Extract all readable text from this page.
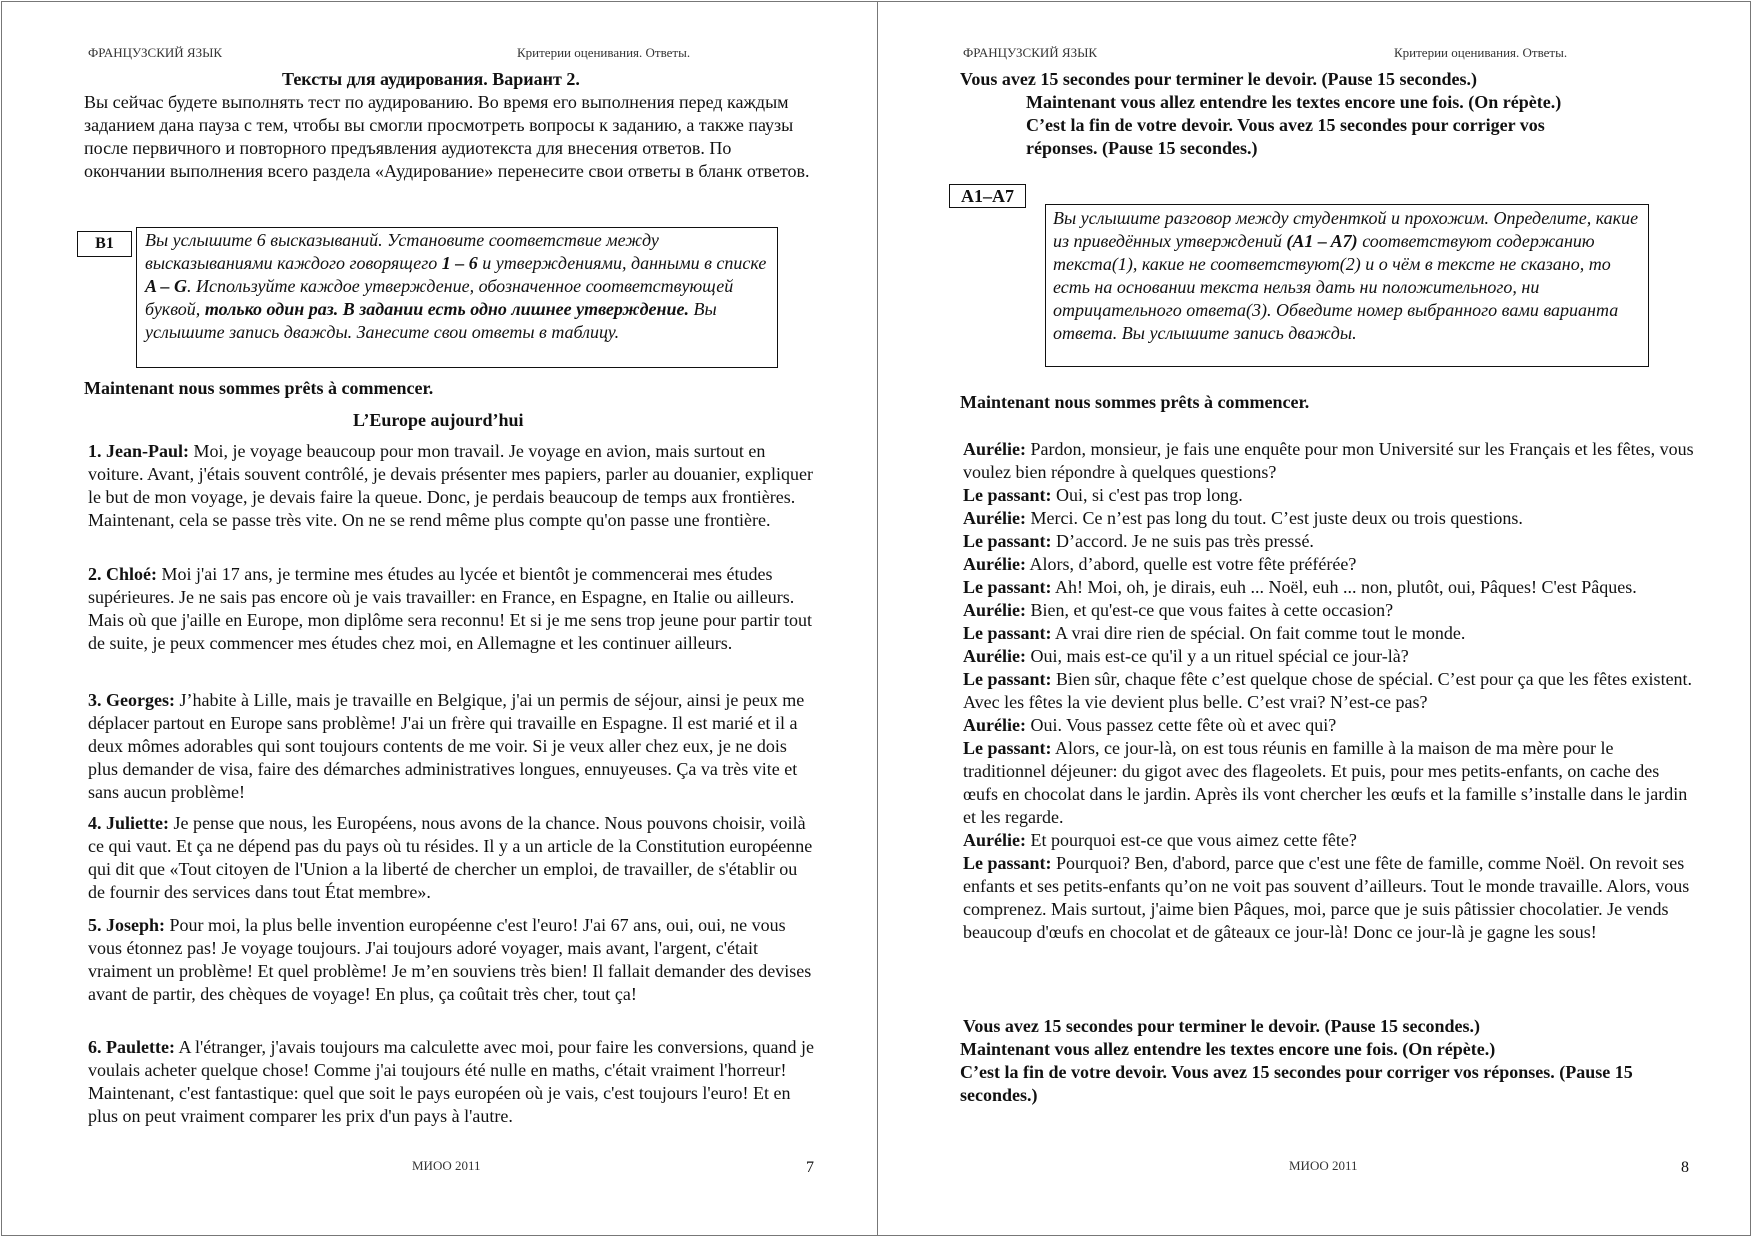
ФРАНЦУЗСКИЙ ЯЗЫК	Критерии оценивания. Ответы.
Тексты для аудирования. Вариант 2.
Вы сейчас будете выполнять тест по аудированию. Во время его выполнения перед каждым заданием дана пауза с тем, чтобы вы смогли просмотреть вопросы к заданию, а также паузы после первичного и повторного предъявления аудиотекста для внесения ответов. По окончании выполнения всего раздела «Аудирование» перенесите свои ответы в бланк ответов.
B1	Вы услышите 6 высказываний. Установите соответствие между высказываниями каждого говорящего 1 – 6 и утверждениями, данными в списке A – G. Используйте каждое утверждение, обозначенное соответствующей буквой, только один раз. В задании есть одно лишнее утверждение. Вы услышите запись дважды. Занесите свои ответы в таблицу.
Maintenant nous sommes prêts à commencer.
L’Europe aujourd’hui
1. Jean-Paul: Moi, je voyage beaucoup pour mon travail. Je voyage en avion, mais surtout en voiture. Avant, j'étais souvent contrôlé, je devais présenter mes papiers, parler au douanier, expliquer le but de mon voyage, je devais faire la queue. Donc, je perdais beaucoup de temps aux frontières. Maintenant, cela se passe très vite. On ne se rend même plus compte qu'on passe une frontière.
2. Chloé: Moi j'ai 17 ans, je termine mes études au lycée et bientôt je commencerai mes études supérieures. Je ne sais pas encore où je vais travailler: en France, en Espagne, en Italie ou ailleurs. Mais où que j'aille en Europe, mon diplôme sera reconnu! Et si je me sens trop jeune pour partir tout de suite, je peux commencer mes études chez moi, en Allemagne et les continuer ailleurs.
3. Georges: J’habite à Lille, mais je travaille en Belgique, j'ai un permis de séjour, ainsi je peux me déplacer partout en Europe sans problème! J'ai un frère qui travaille en Espagne. Il est marié et il a deux mômes adorables qui sont toujours contents de me voir. Si je veux aller chez eux, je ne dois plus demander de visa, faire des démarches administratives longues, ennuyeuses. Ça va très vite et sans aucun problème!
4. Juliette: Je pense que nous, les Européens, nous avons de la chance. Nous pouvons choisir, voilà ce qui vaut. Et ça ne dépend pas du pays où tu résides. Il y a un article de la Constitution européenne qui dit que «Tout citoyen de l'Union a la liberté de chercher un emploi, de travailler, de s'établir ou de fournir des services dans tout État membre».
5. Joseph: Pour moi, la plus belle invention européenne c'est l'euro! J'ai 67 ans, oui, oui, ne vous vous étonnez pas! Je voyage toujours. J'ai toujours adoré voyager, mais avant, l'argent, c'était vraiment un problème! Et quel problème! Je m’en souviens très bien! Il fallait demander des devises avant de partir, des chèques de voyage! En plus, ça coûtait très cher, tout ça!
6. Paulette: A l'étranger, j'avais toujours ma calculette avec moi, pour faire les conversions, quand je voulais acheter quelque chose! Comme j'ai toujours été nulle en maths, c'était vraiment l'horreur! Maintenant, c'est fantastique: quel que soit le pays européen où je vais, c'est toujours l'euro! Et en plus on peut vraiment comparer les prix d'un pays à l'autre.
МИОО 2011	7
ФРАНЦУЗСКИЙ ЯЗЫК	Критерии оценивания. Ответы.
Vous avez 15 secondes pour terminer le devoir. (Pause 15 secondes.)
Maintenant vous allez entendre les textes encore une fois. (On répète.)
C’est la fin de votre devoir. Vous avez 15 secondes pour corriger vos réponses. (Pause 15 secondes.)
A1–A7
Вы услышите разговор между студенткой и прохожим. Определите, какие из приведённых утверждений (A1 – A7) соответствуют содержанию текста(1), какие не соответствуют(2) и о чём в тексте не сказано, то есть на основании текста нельзя дать ни положительного, ни отрицательного ответа(3). Обведите номер выбранного вами варианта ответа. Вы услышите запись дважды.
Maintenant nous sommes prêts à commencer.
Aurélie: Pardon, monsieur, je fais une enquête pour mon Université sur les Français et les fêtes, vous voulez bien répondre à quelques questions?
Le passant: Oui, si c'est pas trop long.
Aurélie: Merci. Ce n’est pas long du tout. C’est juste deux ou trois questions.
Le passant: D’accord. Je ne suis pas très pressé.
Aurélie: Alors, d’abord, quelle est votre fête préférée?
Le passant: Ah! Moi, oh, je dirais, euh ... Noël, euh ... non, plutôt, oui, Pâques! C'est Pâques.
Aurélie: Bien, et qu'est-ce que vous faites à cette occasion?
Le passant: A vrai dire rien de spécial. On fait comme tout le monde.
Aurélie: Oui, mais est-ce qu'il y a un rituel spécial ce jour-là?
Le passant: Bien sûr, chaque fête c’est quelque chose de spécial. C’est pour ça que les fêtes existent. Avec les fêtes la vie devient plus belle. C’est vrai? N’est-ce pas?
Aurélie: Oui. Vous passez cette fête où et avec qui?
Le passant: Alors, ce jour-là, on est tous réunis en famille à la maison de ma mère pour le traditionnel déjeuner: du gigot avec des flageolets. Et puis, pour mes petits-enfants, on cache des œufs en chocolat dans le jardin. Après ils vont chercher les œufs et la famille s’installe dans le jardin et les regarde.
Aurélie: Et pourquoi est-ce que vous aimez cette fête?
Le passant: Pourquoi? Ben, d'abord, parce que c'est une fête de famille, comme Noël. On revoit ses enfants et ses petits-enfants qu’on ne voit pas souvent d’ailleurs. Tout le monde travaille. Alors, vous comprenez. Mais surtout, j'aime bien Pâques, moi, parce que je suis pâtissier chocolatier. Je vends beaucoup d'œufs en chocolat et de gâteaux ce jour-là! Donc ce jour-là je gagne les sous!
Vous avez 15 secondes pour terminer le devoir. (Pause 15 secondes.)
Maintenant vous allez entendre les textes encore une fois. (On répète.)
C’est la fin de votre devoir. Vous avez 15 secondes pour corriger vos réponses. (Pause 15 secondes.)
МИОО 2011	8
